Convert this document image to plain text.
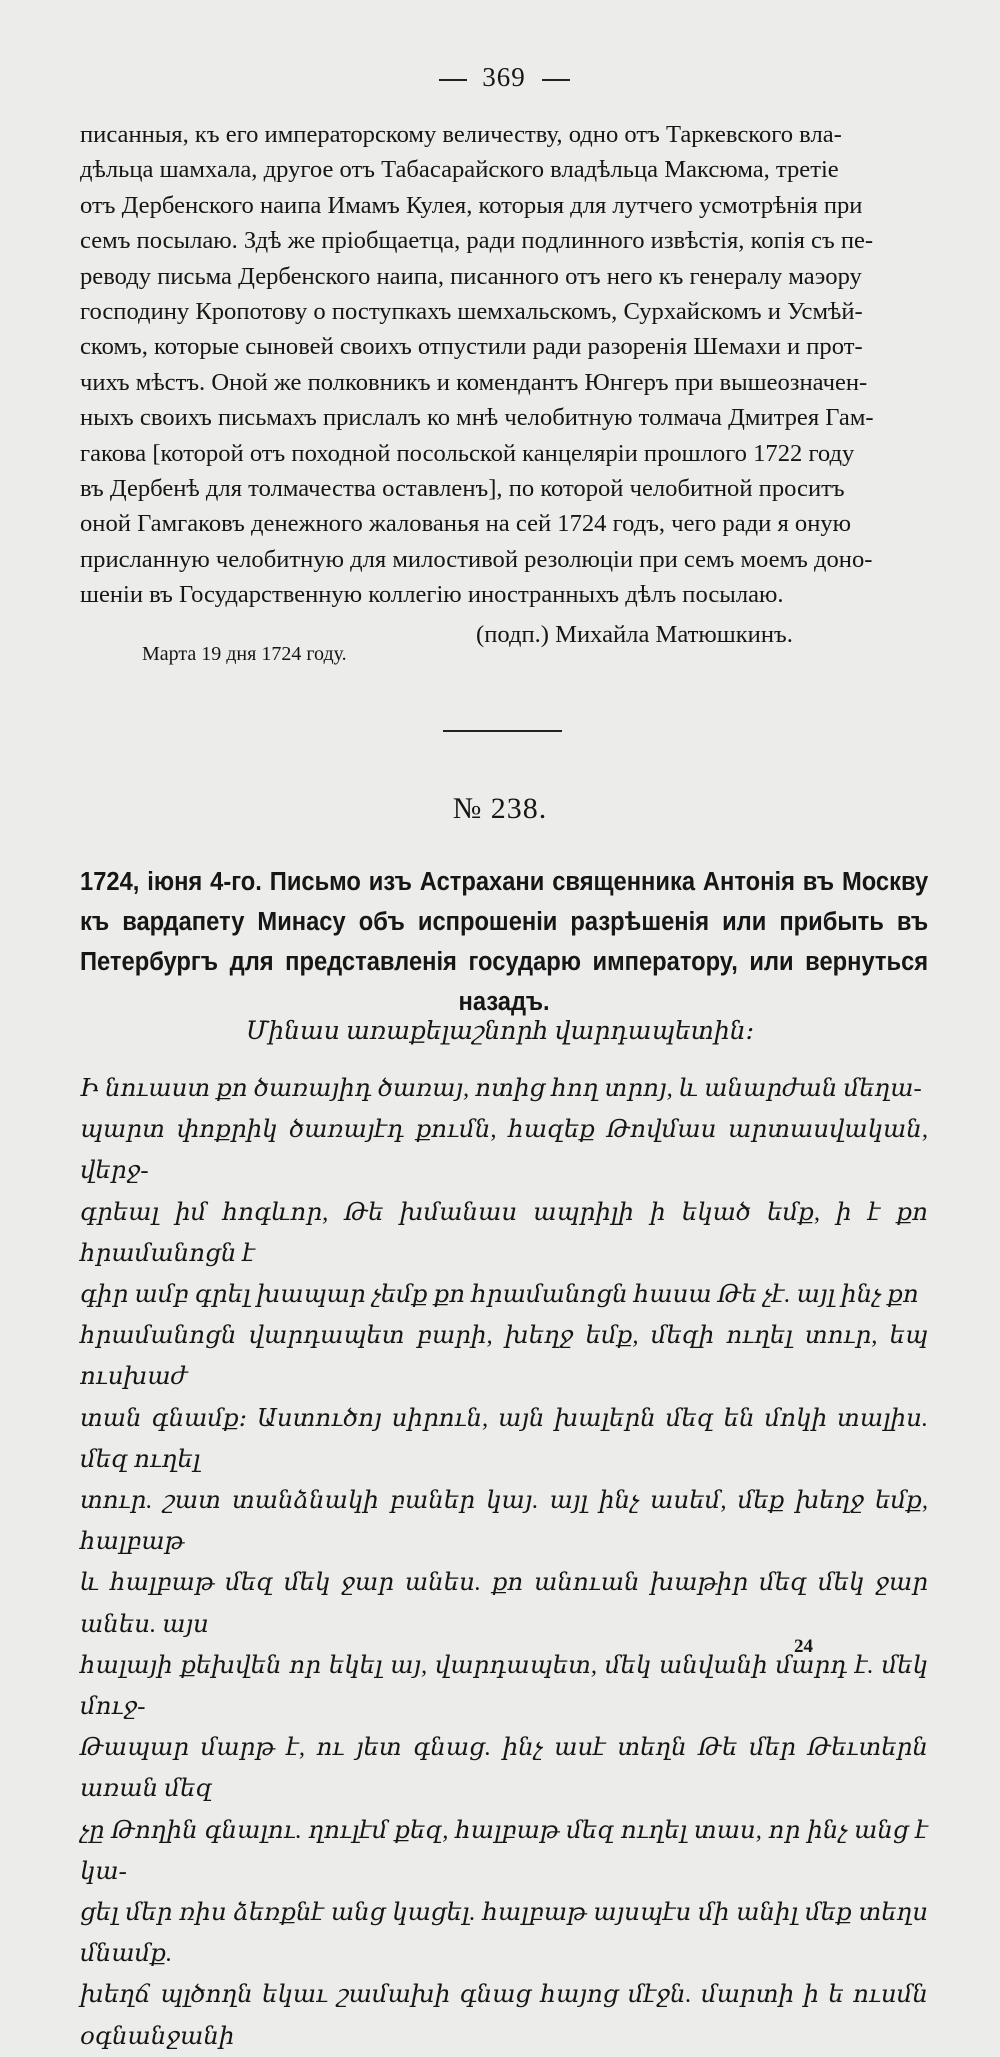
369
писанныя, къ его императорскому величеству, одно отъ Таркевского вла-
дѣльца шамхала, другое отъ Табасарайского владѣльца Максюма, третіе
отъ Дербенского наипа Имамъ Кулея, которыя для лутчего усмотрѣнія при
семъ посылаю. Здѣ же пріобщаетца, ради подлинного извѣстія, копія съ пе-
реводу письма Дербенского наипа, писанного отъ него къ генералу маэору
господину Кропотову о поступкахъ шемхальскомъ, Сурхайскомъ и Усмѣй-
скомъ, которые сыновей своихъ отпустили ради разоренія Шемахи и прот-
чихъ мѣстъ. Оной же полковникъ и комендантъ Юнгеръ при вышеозначен-
ныхъ своихъ письмахъ прислалъ ко мнѣ челобитную толмача Дмитрея Гам-
гакова [которой отъ походной посольской канцеляріи прошлого 1722 году
въ Дербенѣ для толмачества оставленъ], по которой челобитной проситъ
оной Гамгаковъ денежного жалованья на сей 1724 годъ, чего ради я оную
присланную челобитную для милостивой резолюціи при семъ моемъ доно-
шеніи въ Государственную коллегію иностранныхъ дѣлъ посылаю.
(подп.) Михайла Матюшкинъ.
Марта 19 дня 1724 году.
№ 238.
1724, іюня 4-го. Письмо изъ Астрахани священника Антонія въ Москву къ вардапету Минасу объ испрошеніи разрѣшенія или прибыть въ Петербургъ для представленія государю императору, или вернуться назадъ.
Մինաս առաքելաշնորհ վարդապետին։
Ի նուաստ քո ծառայիդ ծառայ, ոտից հող տրոյ, և անարժան մեղա-
պարտ փոքրիկ ծառայէդ քումն, հազեք Թովմաս արտասվական, վերջ-
գրեալ իմ հոգևոր, Թե խմանաս ապրիլի ի եկած եմք, ի է քո հրամանոցն է
գիր ամբ գրել խապար չեմք քո հրամանոցն հասա Թե չէ. այլ ինչ քո
հրամանոցն վարդապետ բարի, խեղջ եմք, մեզի ուղել տուր, եպ ուսխաժ
տան գնամք։ Աստուծոյ սիրուն, այն խալերն մեզ են մոկի տալիս. մեզ ուղել
տուր. շատ տանձնակի բաներ կայ. այլ ինչ ասեմ, մեք խեղջ եմք, հալբաթ
և հալբաթ մեզ մեկ ջար անես. քո անուան խաթիր մեզ մեկ ջար անես. այս
հալայի քեխվեն որ եկել այ, վարդապետ, մեկ անվանի մարդ է. մեկ մուջ-
Թապար մարթ է, ու յետ գնաց. ինչ ասէ տեղն Թե մեր Թեւտերն առան մեզ
չը Թողին գնալու. ղուլէմ քեզ, հալբաթ մեզ ուղել տաս, որ ինչ անց է կա-
ցել մեր ռիս ձեռքնէ անց կացել. հալբաթ այսպէս մի անիլ մեք տեղս մնամք.
խեղճ պլծողն եկաւ շամախի գնաց հայոց մէջն. մարտի ի ե ուսմն օգնանջանի
24
